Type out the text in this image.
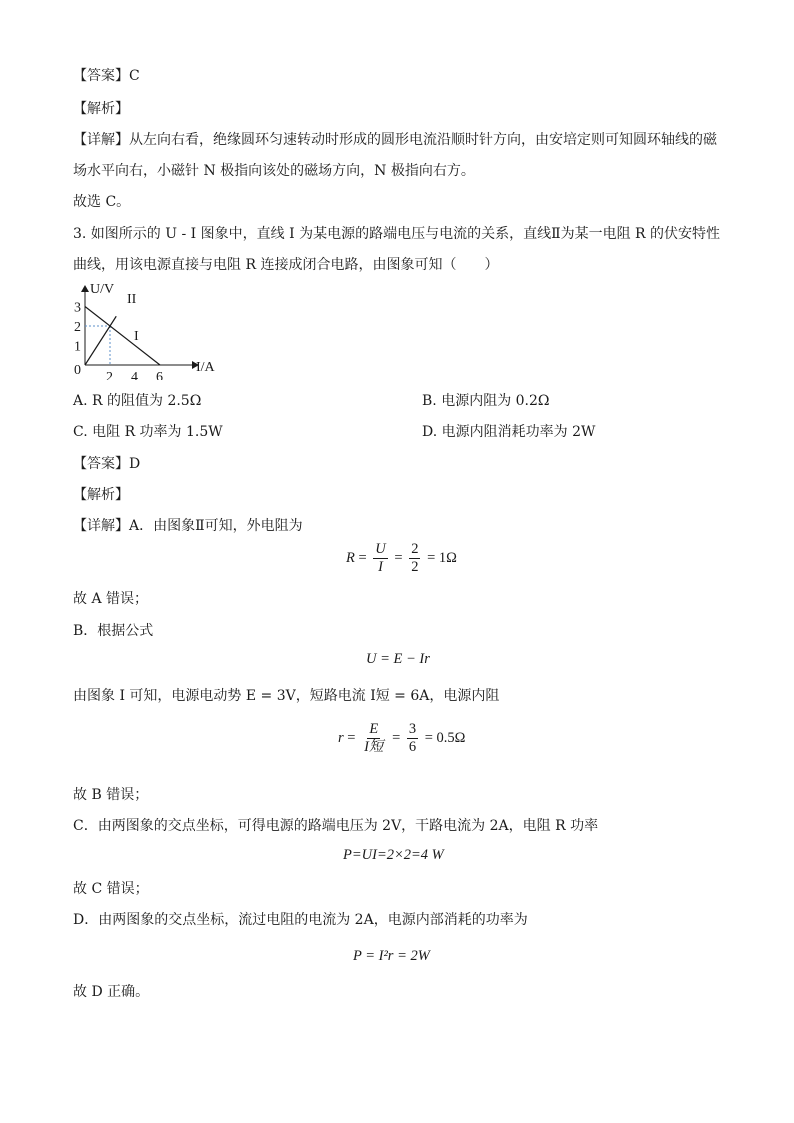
【答案】C
【解析】
【详解】从左向右看，绝缘圆环匀速转动时形成的圆形电流沿顺时针方向，由安培定则可知圆环轴线的磁
场水平向右，小磁针 N 极指向该处的磁场方向，N 极指向右方。
故选 C。
3. 如图所示的 U - I 图象中，直线 I 为某电源的路端电压与电流的关系，直线Ⅱ为某一电阻 R 的伏安特性
曲线，用该电源直接与电阻 R 连接成闭合电路，由图象可知（　　）
3
2
1
2 4 6
U/V
I/A
0
II
I
A. R 的阻值为 2.5Ω	B. 电源内阻为 0.2Ω
C. 电阻 R 功率为 1.5W	D. 电源内阻消耗功率为 2W
【答案】D
【解析】
【详解】A．由图象Ⅱ可知，外电阻为
$R = \frac{U}{I} = \frac{2}{2} = 1\Omega$
故 A 错误；
B．根据公式
U = E − Ir
由图象 I 可知，电源电动势 E = 3V，短路电流 I短 = 6A，电源内阻
$r = \frac{E}{\text{I短}} = \frac{3}{6} = 0.5\Omega$
故 B 错误；
C．由两图象的交点坐标，可得电源的路端电压为 2V，干路电流为 2A，电阻 R 功率
P=UI=2×2=4 W
故 C 错误；
D．由两图象的交点坐标，流过电阻的电流为 2A，电源内部消耗的功率为
P = I²r = 2W
故 D 正确。
